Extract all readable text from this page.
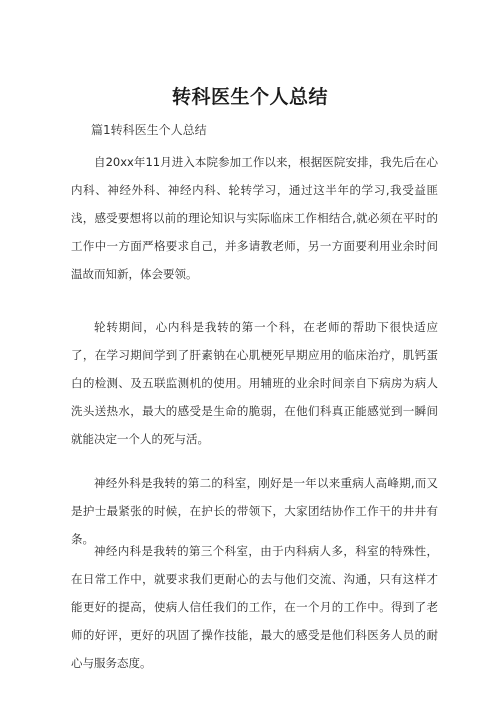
转科医生个人总结
篇1转科医生个人总结

自20xx年11月进入本院参加工作以来，根据医院安排，我先后在心内科、神经外科、神经内科、轮转学习，通过这半年的学习,我受益匪浅，感受要想将以前的理论知识与实际临床工作相结合,就必须在平时的工作中一方面严格要求自己，并多请教老师，另一方面要利用业余时间温故而知新，体会要领。

轮转期间，心内科是我转的第一个科，在老师的帮助下很快适应了，在学习期间学到了肝素钠在心肌梗死早期应用的临床治疗，肌钙蛋白的检测、及五联监测机的使用。用辅班的业余时间亲自下病房为病人洗头送热水，最大的感受是生命的脆弱，在他们科真正能感觉到一瞬间就能决定一个人的死与活。

神经外科是我转的第二的科室，刚好是一年以来重病人高峰期,而又是护士最紧张的时候，在护长的带领下，大家团结协作工作干的井井有条。

神经内科是我转的第三个科室，由于内科病人多，科室的特殊性，在日常工作中，就要求我们更耐心的去与他们交流、沟通，只有这样才能更好的提高，使病人信任我们的工作，在一个月的工作中。得到了老师的好评，更好的巩固了操作技能，最大的感受是他们科医务人员的耐心与服务态度。
